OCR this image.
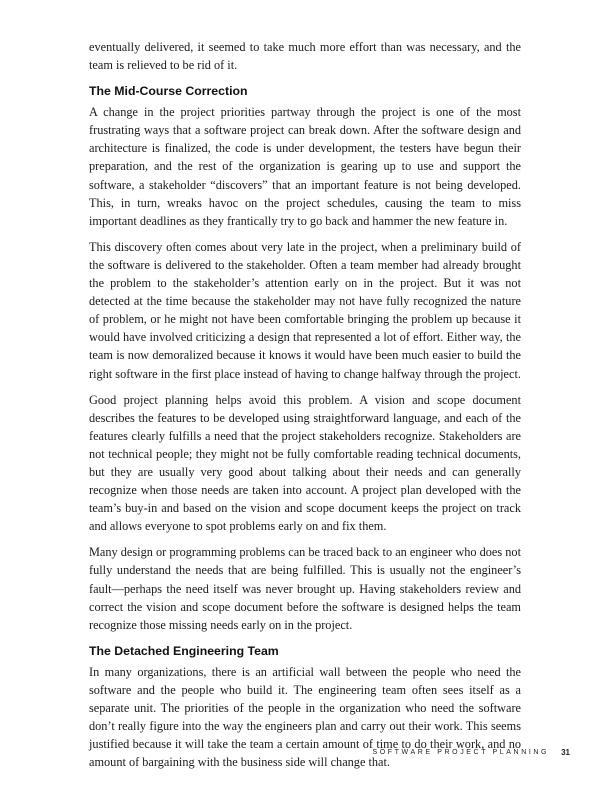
eventually delivered, it seemed to take much more effort than was necessary, and the team is relieved to be rid of it.

The Mid-Course Correction

A change in the project priorities partway through the project is one of the most frustrating ways that a software project can break down. After the software design and architecture is finalized, the code is under development, the testers have begun their preparation, and the rest of the organization is gearing up to use and support the software, a stakeholder “discovers” that an important feature is not being developed. This, in turn, wreaks havoc on the project schedules, causing the team to miss important deadlines as they frantically try to go back and hammer the new feature in.

This discovery often comes about very late in the project, when a preliminary build of the software is delivered to the stakeholder. Often a team member had already brought the problem to the stakeholder’s attention early on in the project. But it was not detected at the time because the stakeholder may not have fully recognized the nature of problem, or he might not have been comfortable bringing the problem up because it would have involved criticizing a design that represented a lot of effort. Either way, the team is now demoralized because it knows it would have been much easier to build the right software in the first place instead of having to change halfway through the project.

Good project planning helps avoid this problem. A vision and scope document describes the features to be developed using straightforward language, and each of the features clearly fulfills a need that the project stakeholders recognize. Stakeholders are not technical people; they might not be fully comfortable reading technical documents, but they are usually very good about talking about their needs and can generally recognize when those needs are taken into account. A project plan developed with the team’s buy-in and based on the vision and scope document keeps the project on track and allows everyone to spot problems early on and fix them.

Many design or programming problems can be traced back to an engineer who does not fully understand the needs that are being fulfilled. This is usually not the engineer’s fault—perhaps the need itself was never brought up. Having stakeholders review and correct the vision and scope document before the software is designed helps the team recognize those missing needs early on in the project.

The Detached Engineering Team

In many organizations, there is an artificial wall between the people who need the software and the people who build it. The engineering team often sees itself as a separate unit. The priorities of the people in the organization who need the software don’t really figure into the way the engineers plan and carry out their work. This seems justified because it will take the team a certain amount of time to do their work, and no amount of bargaining with the business side will change that.

SOFTWARE PROJECT PLANNING 31
